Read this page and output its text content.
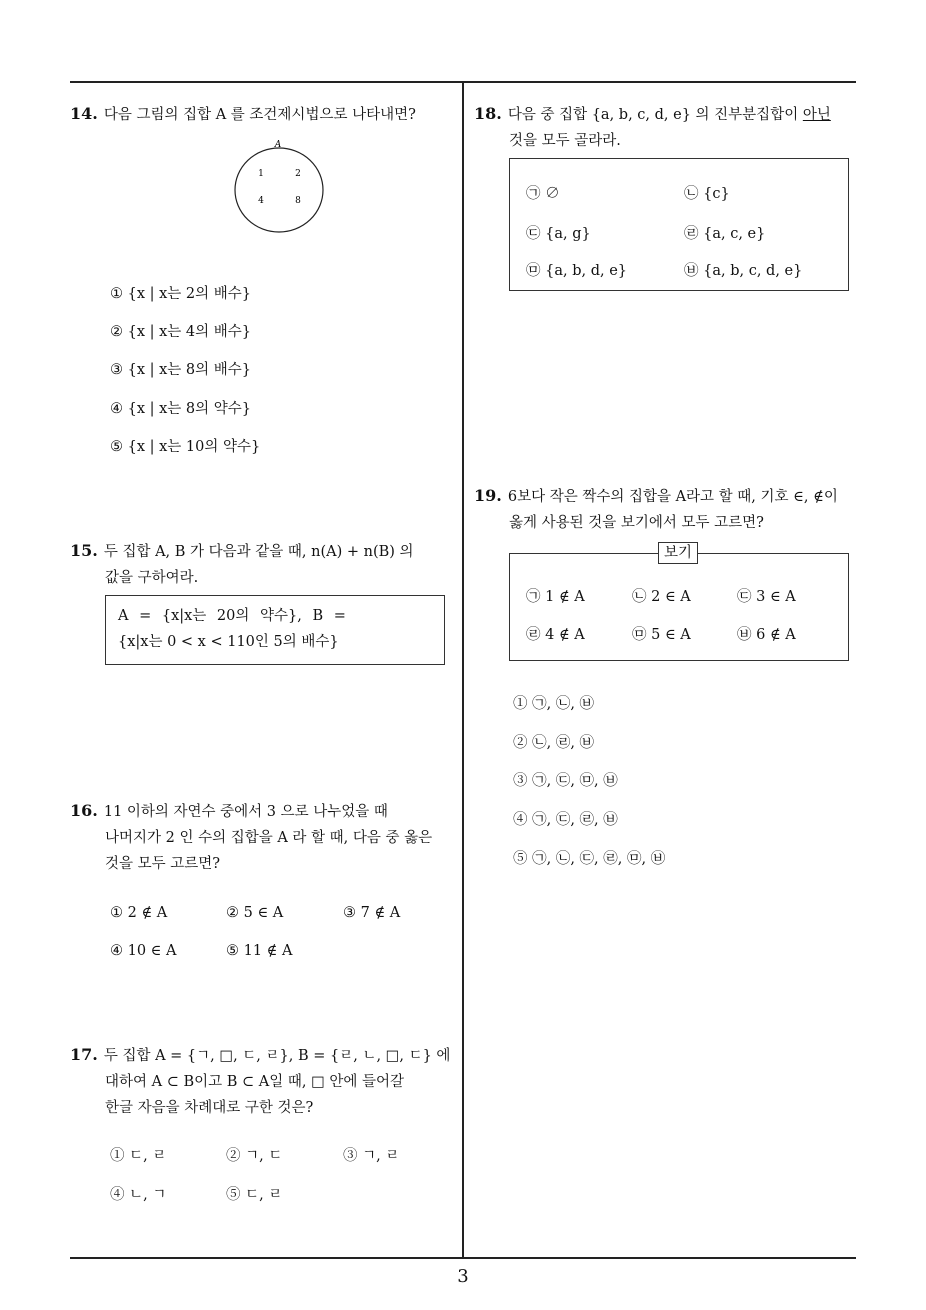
3
14. 다음 그림의 집합 A 를 조건제시법으로 나타내면?
A
1	2
4	8
① {x | x는 2의 배수}
② {x | x는 4의 배수}
③ {x | x는 8의 배수}
④ {x | x는 8의 약수}
⑤ {x | x는 10의 약수}
15. 두 집합 A, B 가 다음과 같을 때, n(A) + n(B) 의
값을 구하여라.
A = {x|x는 20의 약수}, B =
{x|x는 0 < x < 110인 5의 배수}
16. 11 이하의 자연수 중에서 3 으로 나누었을 때
나머지가 2 인 수의 집합을 A 라 할 때, 다음 중 옳은
것을 모두 고르면?
① 2 ∉ A	② 5 ∈ A	③ 7 ∉ A
④ 10 ∈ A	⑤ 11 ∉ A
17. 두 집합 A = {ㄱ, □, ㄷ, ㄹ}, B = {ㄹ, ㄴ, □, ㄷ} 에
대하여 A ⊂ B이고 B ⊂ A일 때, □ 안에 들어갈
한글 자음을 차례대로 구한 것은?
① ㄷ, ㄹ	② ㄱ, ㄷ	③ ㄱ, ㄹ
④ ㄴ, ㄱ	⑤ ㄷ, ㄹ
18. 다음 중 집합 {a, b, c, d, e} 의 진부분집합이 아닌
것을 모두 골라라.
㉠ ∅	㉡ {c}
㉢ {a, g}	㉣ {a, c, e}
㉤ {a, b, d, e}	㉥ {a, b, c, d, e}
19. 6보다 작은 짝수의 집합을 A라고 할 때, 기호 ∈, ∉이
옳게 사용된 것을 보기에서 모두 고르면?
㉠ 1 ∉ A	㉡ 2 ∈ A	㉢ 3 ∈ A
㉣ 4 ∉ A	㉤ 5 ∈ A	㉥ 6 ∉ A
보기
① ㉠, ㉡, ㉥
② ㉡, ㉣, ㉥
③ ㉠, ㉢, ㉤, ㉥
④ ㉠, ㉢, ㉣, ㉥
⑤ ㉠, ㉡, ㉢, ㉣, ㉤, ㉥
